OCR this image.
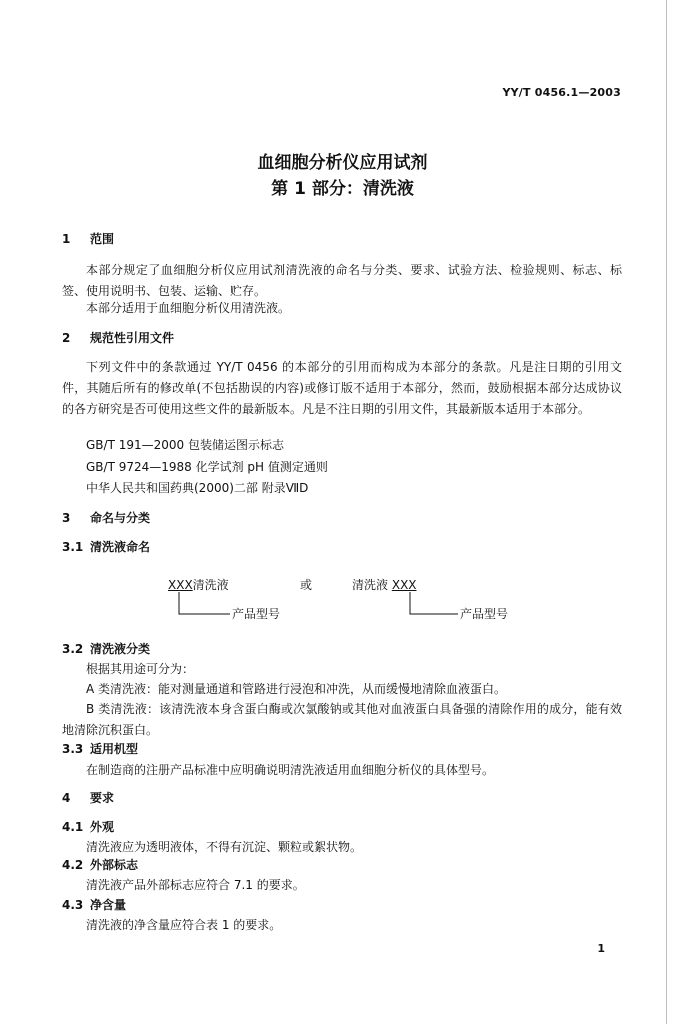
YY/T 0456.1—2003
血细胞分析仪应用试剂
第 1 部分：清洗液
1 范围
本部分规定了血细胞分析仪应用试剂清洗液的命名与分类、要求、试验方法、检验规则、标志、标签、使用说明书、包装、运输、贮存。
本部分适用于血细胞分析仪用清洗液。
2 规范性引用文件
下列文件中的条款通过 YY/T 0456 的本部分的引用而构成为本部分的条款。凡是注日期的引用文件，其随后所有的修改单(不包括勘误的内容)或修订版不适用于本部分，然而，鼓励根据本部分达成协议的各方研究是否可使用这些文件的最新版本。凡是不注日期的引用文件，其最新版本适用于本部分。
GB/T 191—2000 包装储运图示标志
GB/T 9724—1988 化学试剂 pH 值测定通则
中华人民共和国药典(2000)二部 附录ⅦD
3 命名与分类
3.1 清洗液命名
XXX清洗液	或	清洗液 XXX
产品型号	产品型号
3.2 清洗液分类
根据其用途可分为：
A 类清洗液：能对测量通道和管路进行浸泡和冲洗，从而缓慢地清除血液蛋白。
B 类清洗液：该清洗液本身含蛋白酶或次氯酸钠或其他对血液蛋白具备强的清除作用的成分，能有效地清除沉积蛋白。
3.3 适用机型
在制造商的注册产品标准中应明确说明清洗液适用血细胞分析仪的具体型号。
4 要求
4.1 外观
清洗液应为透明液体，不得有沉淀、颗粒或絮状物。
4.2 外部标志
清洗液产品外部标志应符合 7.1 的要求。
4.3 净含量
清洗液的净含量应符合表 1 的要求。
1
